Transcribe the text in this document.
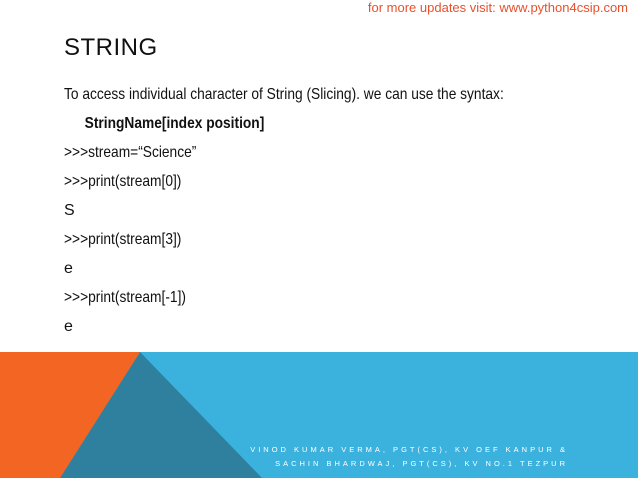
for more updates visit: www.python4csip.com
STRING
To access individual character of String (Slicing). we can use the syntax:
StringName[index position]
>>>stream=“Science”
>>>print(stream[0])
S
>>>print(stream[3])
e
>>>print(stream[-1])
e
VINOD KUMAR VERMA, PGT(CS), KV OEF KANPUR &
SACHIN BHARDWAJ, PGT(CS), KV NO.1 TEZPUR
